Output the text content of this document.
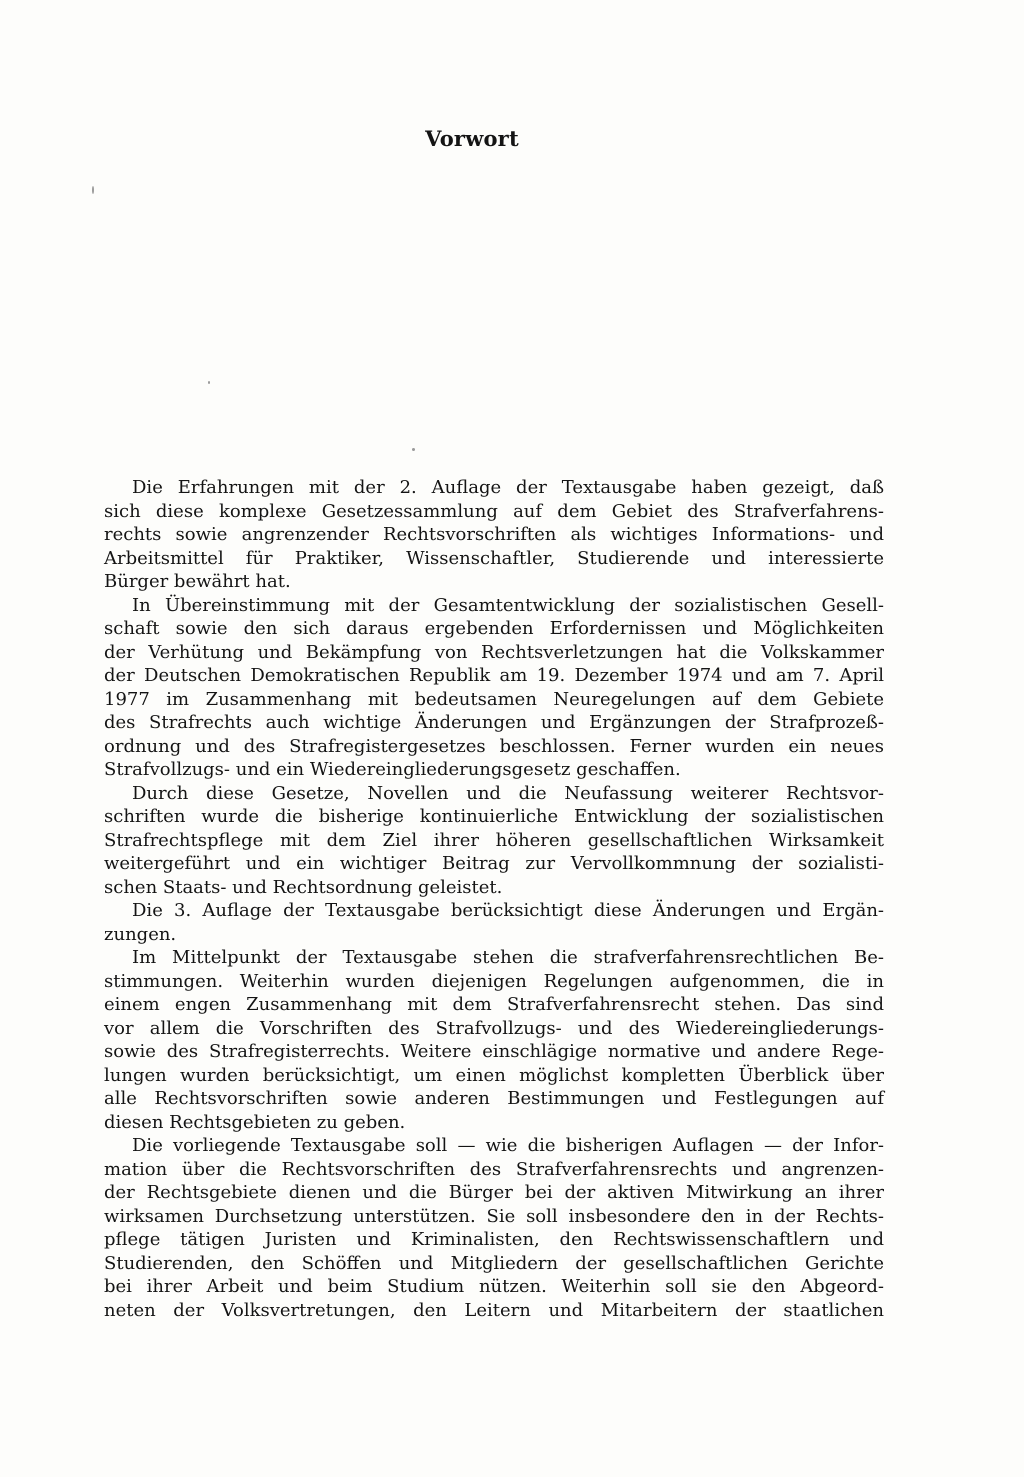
Vorwort
Die Erfahrungen mit der 2. Auflage der Textausgabe haben gezeigt, daß
sich diese komplexe Gesetzessammlung auf dem Gebiet des Strafverfahrens-
rechts sowie angrenzender Rechtsvorschriften als wichtiges Informations- und
Arbeitsmittel für Praktiker, Wissenschaftler, Studierende und interessierte
Bürger bewährt hat.
In Übereinstimmung mit der Gesamtentwicklung der sozialistischen Gesell-
schaft sowie den sich daraus ergebenden Erfordernissen und Möglichkeiten
der Verhütung und Bekämpfung von Rechtsverletzungen hat die Volkskammer
der Deutschen Demokratischen Republik am 19. Dezember 1974 und am 7. April
1977 im Zusammenhang mit bedeutsamen Neuregelungen auf dem Gebiete
des Strafrechts auch wichtige Änderungen und Ergänzungen der Strafprozeß-
ordnung und des Strafregistergesetzes beschlossen. Ferner wurden ein neues
Strafvollzugs- und ein Wiedereingliederungsgesetz geschaffen.
Durch diese Gesetze, Novellen und die Neufassung weiterer Rechtsvor-
schriften wurde die bisherige kontinuierliche Entwicklung der sozialistischen
Strafrechtspflege mit dem Ziel ihrer höheren gesellschaftlichen Wirksamkeit
weitergeführt und ein wichtiger Beitrag zur Vervollkommnung der sozialisti-
schen Staats- und Rechtsordnung geleistet.
Die 3. Auflage der Textausgabe berücksichtigt diese Änderungen und Ergän-
zungen.
Im Mittelpunkt der Textausgabe stehen die strafverfahrensrechtlichen Be-
stimmungen. Weiterhin wurden diejenigen Regelungen aufgenommen, die in
einem engen Zusammenhang mit dem Strafverfahrensrecht stehen. Das sind
vor allem die Vorschriften des Strafvollzugs- und des Wiedereingliederungs-
sowie des Strafregisterrechts. Weitere einschlägige normative und andere Rege-
lungen wurden berücksichtigt, um einen möglichst kompletten Überblick über
alle Rechtsvorschriften sowie anderen Bestimmungen und Festlegungen auf
diesen Rechtsgebieten zu geben.
Die vorliegende Textausgabe soll — wie die bisherigen Auflagen — der Infor-
mation über die Rechtsvorschriften des Strafverfahrensrechts und angrenzen-
der Rechtsgebiete dienen und die Bürger bei der aktiven Mitwirkung an ihrer
wirksamen Durchsetzung unterstützen. Sie soll insbesondere den in der Rechts-
pflege tätigen Juristen und Kriminalisten, den Rechtswissenschaftlern und
Studierenden, den Schöffen und Mitgliedern der gesellschaftlichen Gerichte
bei ihrer Arbeit und beim Studium nützen. Weiterhin soll sie den Abgeord-
neten der Volksvertretungen, den Leitern und Mitarbeitern der staatlichen
